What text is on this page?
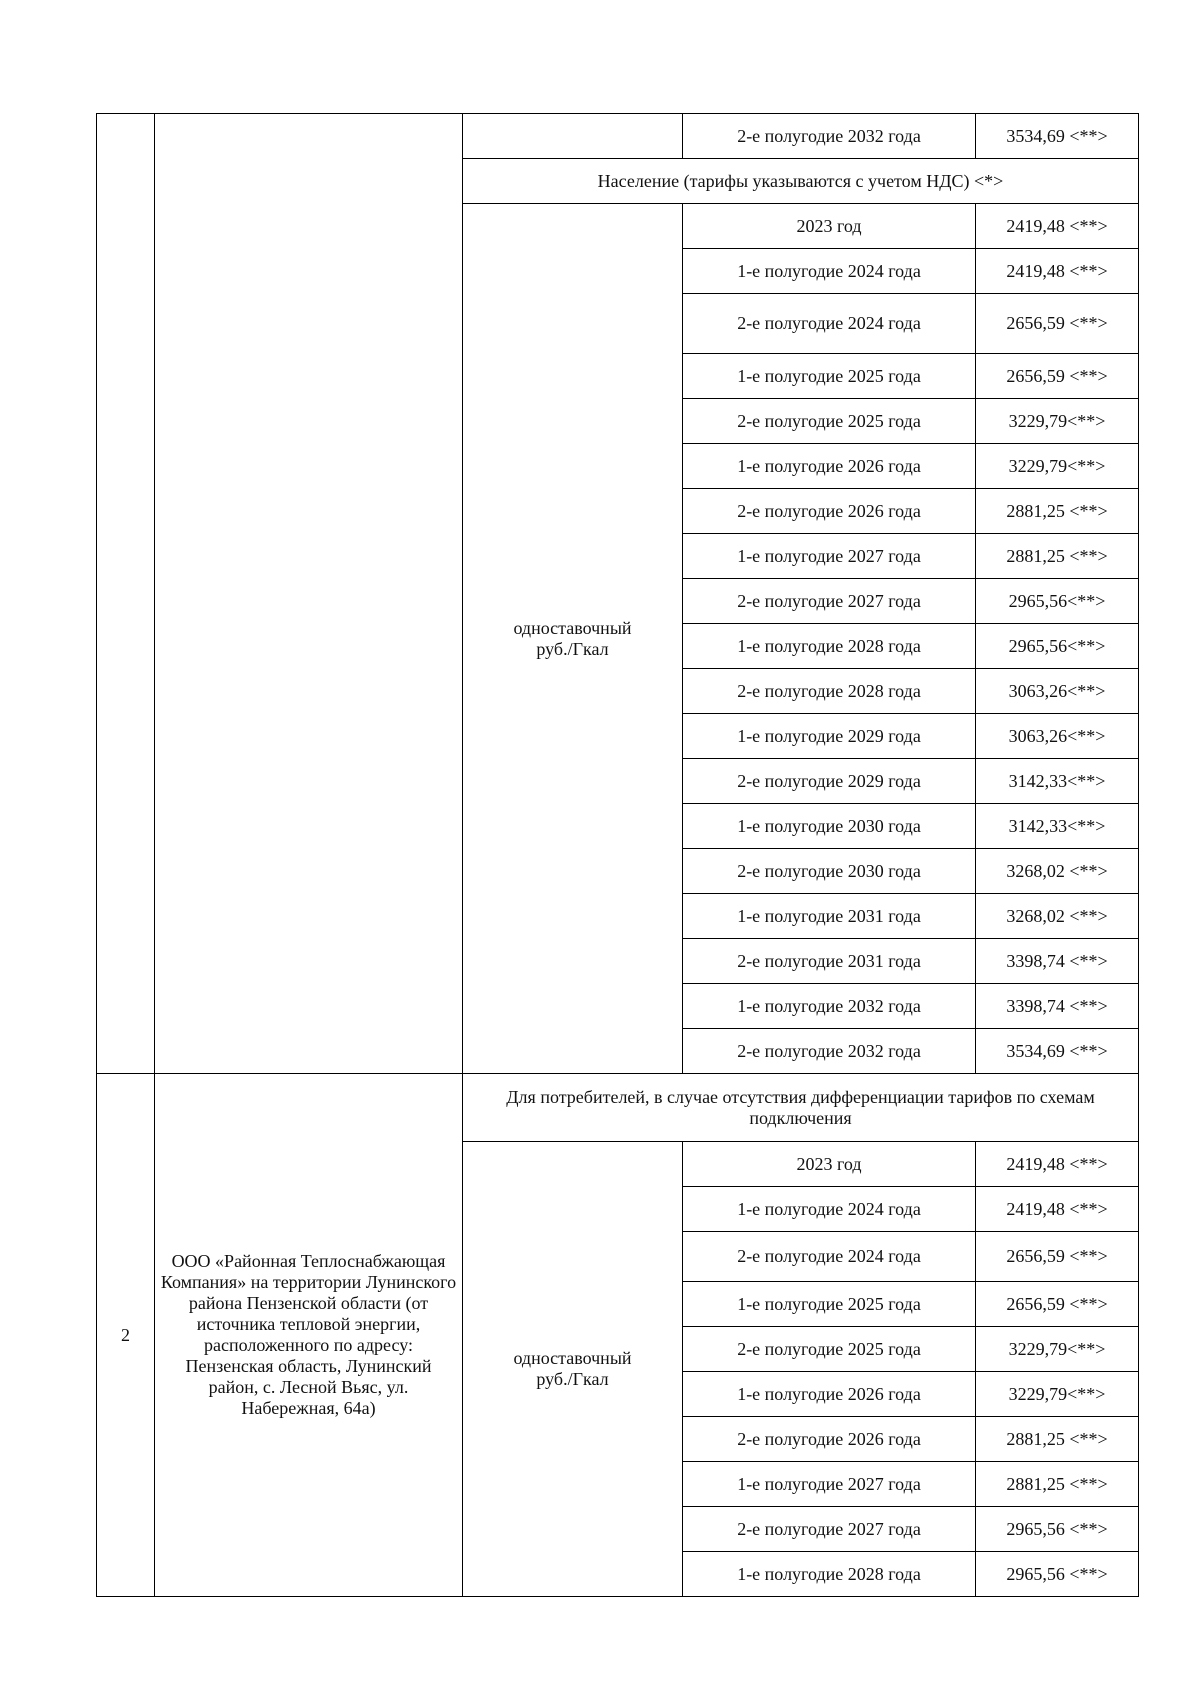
			2-е полугодие 2032 года	3534,69 <**>
		Население (тарифы указываются с учетом НДС) <*>		

		одноставочный
руб./Гкал	2023 год	2419,48 <**>
			1-е полугодие 2024 года	2419,48 <**>
			2-е полугодие 2024 года	2656,59 <**>
			1-е полугодие 2025 года	2656,59 <**>
			2-е полугодие 2025 года	3229,79<**>
			1-е полугодие 2026 года	3229,79<**>
			2-е полугодие 2026 года	2881,25 <**>
			1-е полугодие 2027 года	2881,25 <**>
			2-е полугодие 2027 года	2965,56<**>
			1-е полугодие 2028 года	2965,56<**>
			2-е полугодие 2028 года	3063,26<**>
			1-е полугодие 2029 года	3063,26<**>
			2-е полугодие 2029 года	3142,33<**>
			1-е полугодие 2030 года	3142,33<**>
			2-е полугодие 2030 года	3268,02 <**>
			1-е полугодие 2031 года	3268,02 <**>
			2-е полугодие 2031 года	3398,74 <**>
			1-е полугодие 2032 года	3398,74 <**>
			2-е полугодие 2032 года	3534,69 <**>
2	ООО «Районная Теплоснабжающая Компания» на территории Лунинского района Пензенской области (от источника тепловой энергии, расположенного по адресу: Пензенская область, Лунинский район, с. Лесной Вьяс, ул. Набережная, 64а)	Для потребителей, в случае отсутствия дифференциации тарифов по схемам подключения		

		одноставочный
руб./Гкал	2023 год	2419,48 <**>
			1-е полугодие 2024 года	2419,48 <**>
			2-е полугодие 2024 года	2656,59 <**>
			1-е полугодие 2025 года	2656,59 <**>
			2-е полугодие 2025 года	3229,79<**>
			1-е полугодие 2026 года	3229,79<**>
			2-е полугодие 2026 года	2881,25 <**>
			1-е полугодие 2027 года	2881,25 <**>
			2-е полугодие 2027 года	2965,56 <**>
			1-е полугодие 2028 года	2965,56 <**>
